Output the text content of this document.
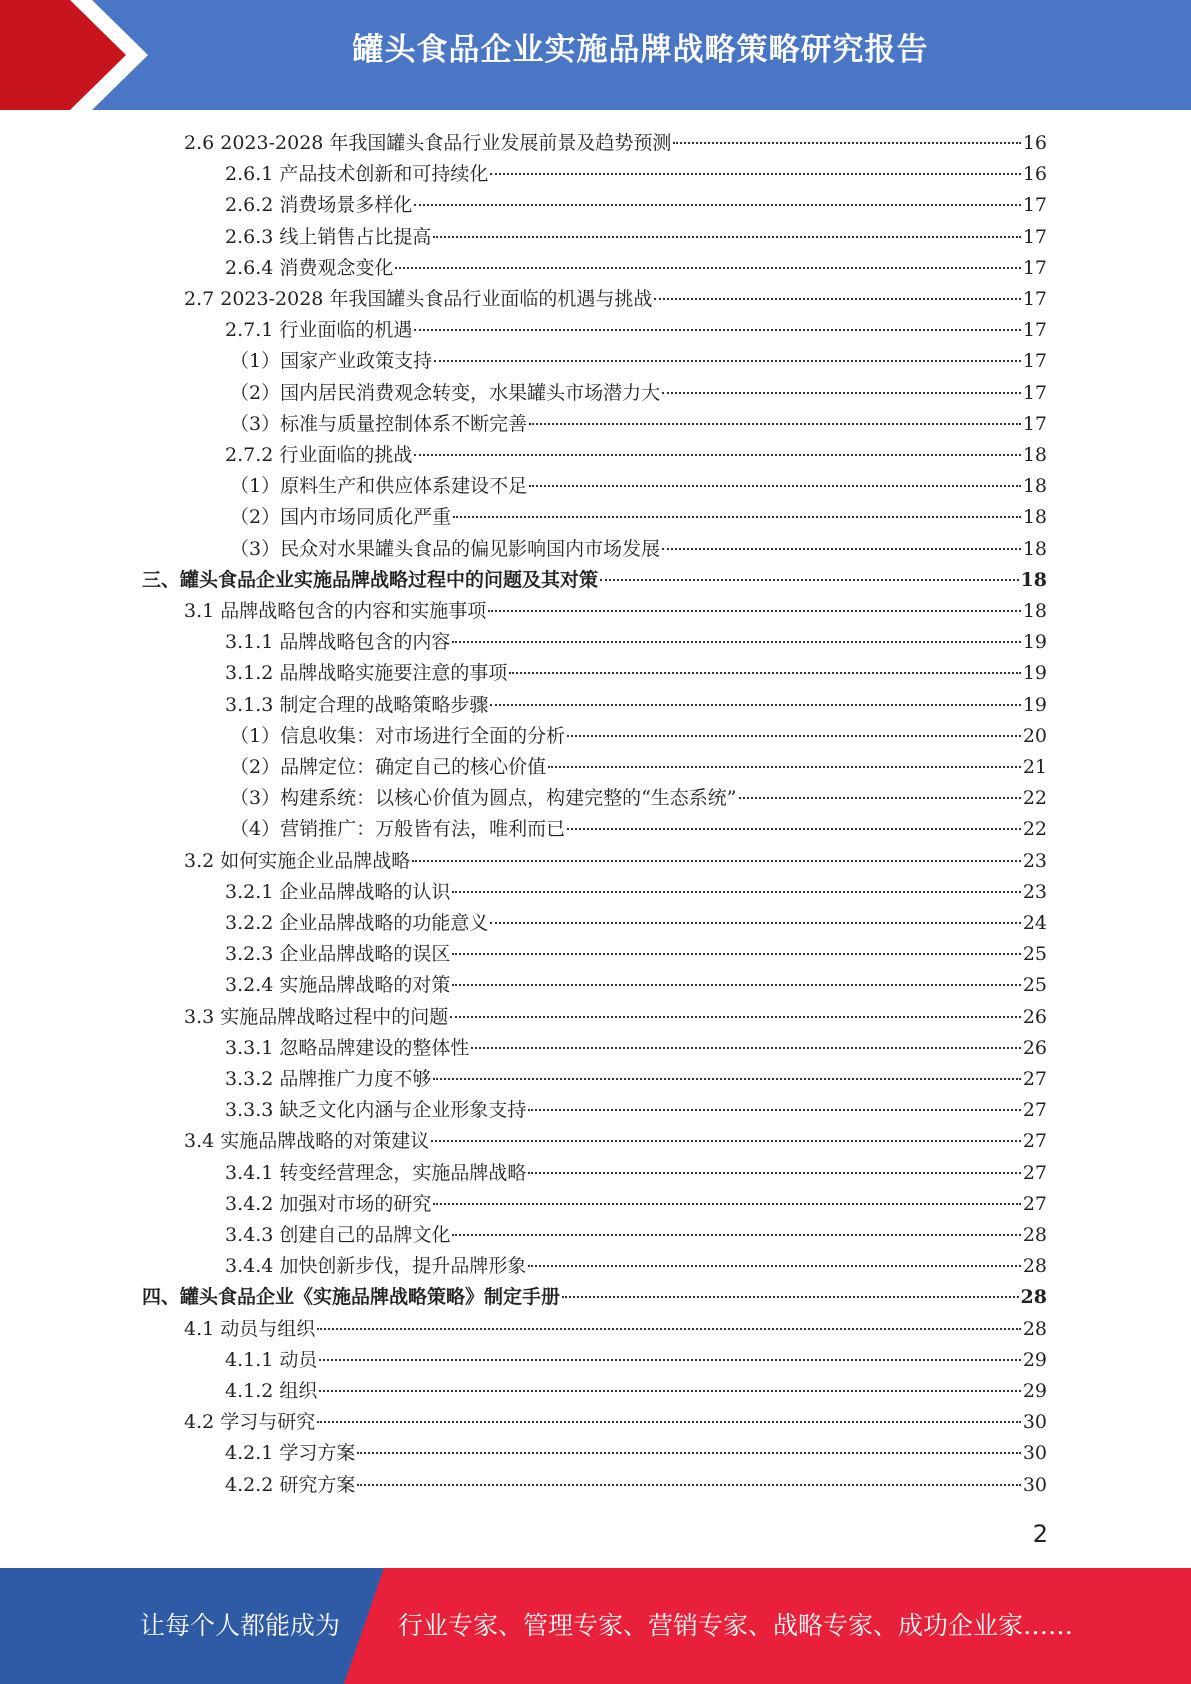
罐头食品企业实施品牌战略策略研究报告
2.6 2023-2028 年我国罐头食品行业发展前景及趋势预测	16
2.6.1 产品技术创新和可持续化	16
2.6.2 消费场景多样化	17
2.6.3 线上销售占比提高	17
2.6.4 消费观念变化	17
2.7 2023-2028 年我国罐头食品行业面临的机遇与挑战	17
2.7.1 行业面临的机遇	17
（1）国家产业政策支持	17
（2）国内居民消费观念转变，水果罐头市场潜力大	17
（3）标准与质量控制体系不断完善	17
2.7.2 行业面临的挑战	18
（1）原料生产和供应体系建设不足	18
（2）国内市场同质化严重	18
（3）民众对水果罐头食品的偏见影响国内市场发展	18
三、罐头食品企业实施品牌战略过程中的问题及其对策	18
3.1 品牌战略包含的内容和实施事项	18
3.1.1 品牌战略包含的内容	19
3.1.2 品牌战略实施要注意的事项	19
3.1.3 制定合理的战略策略步骤	19
（1）信息收集：对市场进行全面的分析	20
（2）品牌定位：确定自己的核心价值	21
（3）构建系统：以核心价值为圆点，构建完整的“生态系统”	22
（4）营销推广：万般皆有法，唯利而已	22
3.2 如何实施企业品牌战略	23
3.2.1 企业品牌战略的认识	23
3.2.2 企业品牌战略的功能意义	24
3.2.3 企业品牌战略的误区	25
3.2.4 实施品牌战略的对策	25
3.3 实施品牌战略过程中的问题	26
3.3.1 忽略品牌建设的整体性	26
3.3.2 品牌推广力度不够	27
3.3.3 缺乏文化内涵与企业形象支持	27
3.4 实施品牌战略的对策建议	27
3.4.1 转变经营理念，实施品牌战略	27
3.4.2 加强对市场的研究	27
3.4.3 创建自己的品牌文化	28
3.4.4 加快创新步伐，提升品牌形象	28
四、罐头食品企业《实施品牌战略策略》制定手册	28
4.1 动员与组织	28
4.1.1 动员	29
4.1.2 组织	29
4.2 学习与研究	30
4.2.1 学习方案	30
4.2.2 研究方案	30
2
让每个人都能成为 行业专家、管理专家、营销专家、战略专家、成功企业家……
